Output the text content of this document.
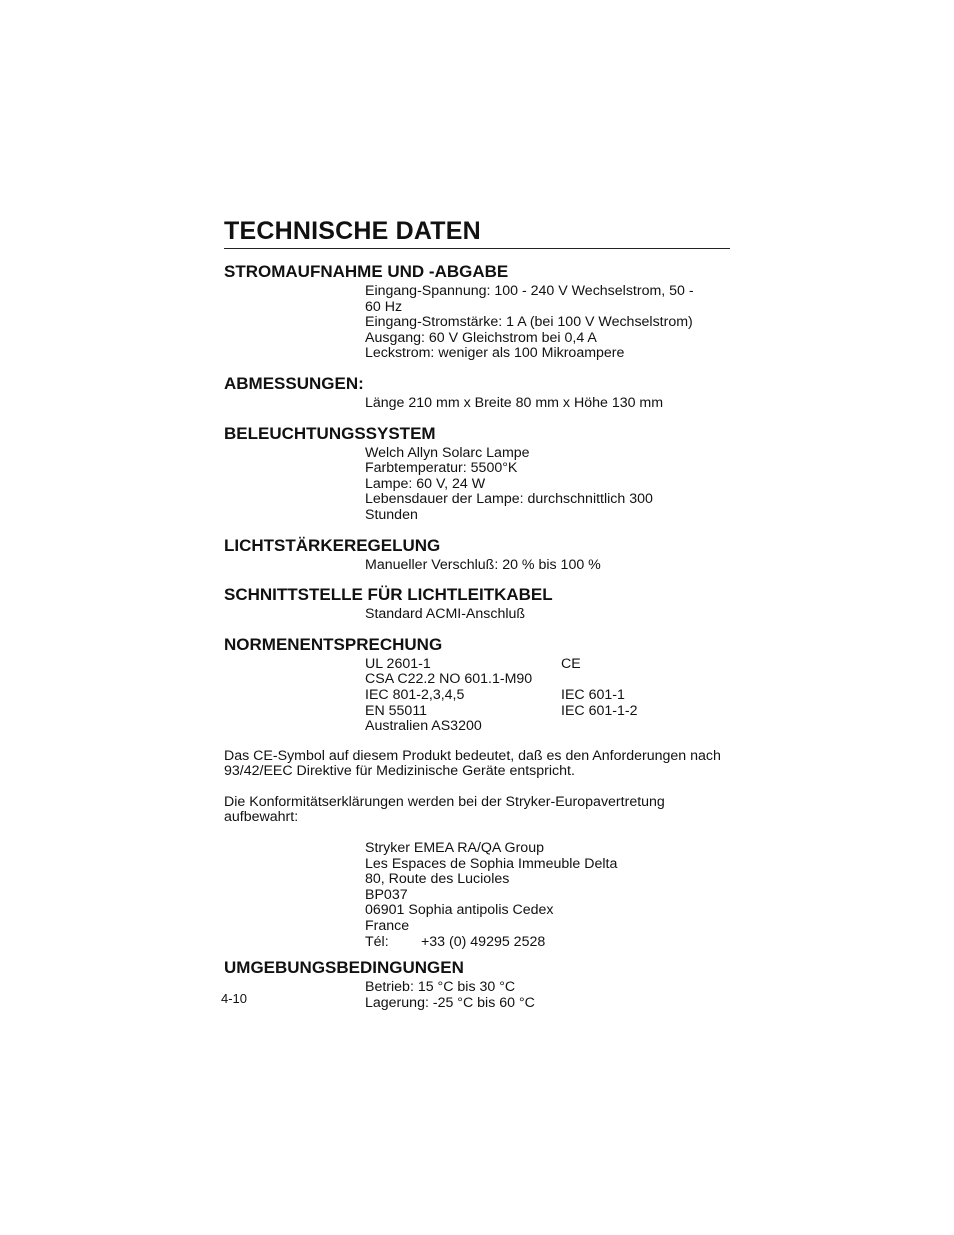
TECHNISCHE DATEN
STROMAUFNAHME UND -ABGABE
Eingang-Spannung: 100 - 240 V Wechselstrom, 50 -
60 Hz
Eingang-Stromstärke: 1 A (bei 100 V Wechselstrom)
Ausgang: 60 V Gleichstrom bei 0,4 A
Leckstrom: weniger als 100 Mikroampere
ABMESSUNGEN:
Länge 210 mm x Breite 80 mm x Höhe 130 mm
BELEUCHTUNGSSYSTEM
Welch Allyn Solarc Lampe
Farbtemperatur: 5500°K
Lampe: 60 V, 24 W
Lebensdauer der Lampe: durchschnittlich 300
Stunden
LICHTSTÄRKEREGELUNG
Manueller Verschluß: 20 % bis 100 %
SCHNITTSTELLE FÜR LICHTLEITKABEL
Standard ACMI-Anschluß
NORMENENTSPRECHUNG
UL 2601-1	CE
CSA C22.2 NO 601.1-M90
IEC 801-2,3,4,5	IEC 601-1
EN 55011	IEC 601-1-2
Australien AS3200
Das CE-Symbol auf diesem Produkt bedeutet, daß es den Anforderungen nach 93/42/EEC Direktive für Medizinische Geräte entspricht.
Die Konformitätserklärungen werden bei der Stryker-Europavertretung aufbewahrt:
Stryker EMEA RA/QA Group
Les Espaces de Sophia Immeuble Delta
80, Route des Lucioles
BP037
06901 Sophia antipolis Cedex
France
Tél:	+33 (0) 49295 2528
UMGEBUNGSBEDINGUNGEN
Betrieb: 15 °C bis 30 °C
Lagerung: -25 °C bis 60 °C
4-10
